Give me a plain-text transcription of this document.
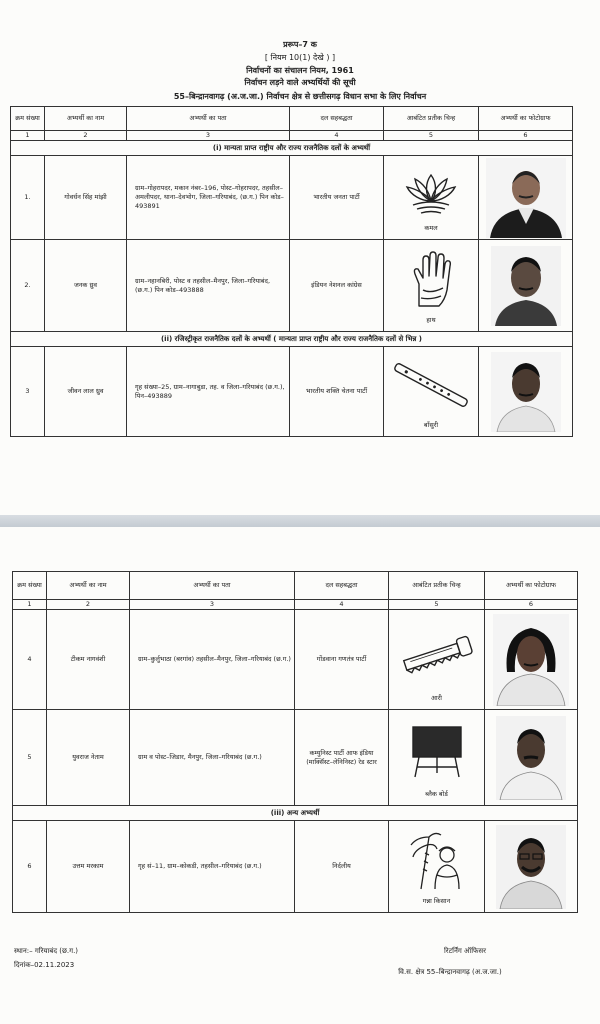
प्ररूप–7 क
[ नियम 10(1) देखे ) ]
निर्वाचनों का संचालन नियम, 1961
निर्वाचन लड़ने वाले अभ्यर्थियों की सूची
55–बिन्द्रानवागढ़ (अ.ज.जा.) निर्वाचन क्षेत्र से छत्तीसगढ़ विधान सभा के लिए निर्वाचन
क्रम संख्या	अभ्यर्थी का नाम	अभ्यर्थी का पता	दल सहबद्धता	आबंटित प्रतीक चिन्ह	अभ्यर्थी का फोटोग्राफ
1	2	3	4	5	6
(i) मान्यता प्राप्त राष्ट्रीय और राज्य राजनैतिक दलों के अभ्यर्थी					
1.	गोवर्धन सिंह मांझी	ग्राम–गोहरापदर, मकान नंबर–196, पोस्ट–गोहरापदर, तहसील–अमलीपदर, थाना–देवभोग, जिला–गरियाबंद, (छ.ग.) पिन कोड– 493891	भारतीय जनता पार्टी	कमल

2.	जनक ध्रुव	ग्राम–नहानबिरी, पोस्ट व तहसील–मैनपुर, जिला–गरियाबंद, (छ.ग.) पिन कोड–493888	इंडियन नेशनल कांग्रेस	हाथ

(ii) रजिस्ट्रीकृत राजनैतिक दलों के अभ्यर्थी ( मान्यता प्राप्त राष्ट्रीय और राज्य राजनैतिक दलों से भिन्न )					
3	जीवन लाल ध्रुव	गृह संख्या–25, ग्राम–नागाबुडा, तह. व जिला–गरियाबंद (छ.ग.), पिन–493889	भारतीय शक्ति चेतना पार्टी	बाँसुरी

क्रम संख्या	अभ्यर्थी का नाम	अभ्यर्थी का पता	दल सहबद्धता	आबंटित प्रतीक चिन्ह	अभ्यर्थी का फोटोग्राफ
1	2	3	4	5	6
4	टीकम नागवंशी	ग्राम–कुर्लुभाठा (बरगांव) तहसील–मैनपुर, जिला–गरियाबंद (छ.ग.)	गोंडवाना गणतंत्र पार्टी	आरी

5	युवराज नेताम	ग्राम व पोस्ट–जिडार, मैनपुर, जिला–गरियाबंद (छ.ग.)	कम्युनिस्ट पार्टी आफ इंडिया (मार्क्सिस्ट–लेनिनिस्ट) रेड स्टार	ब्लैक बोर्ड

(iii) अन्य अभ्यर्थी					
6	उत्तम मरकाम	गृह सं–11, ग्राम–कोकडी, तहसील–गरियाबंद (छ.ग.)	निर्दलीय	गन्ना किसान

स्थान:– गरियाबंद (छ.ग.)
दिनांक–02.11.2023
रिटर्निंग ऑफिसर
वि.स. क्षेत्र 55–बिन्द्रानवागढ़ (अ.ज.जा.)
